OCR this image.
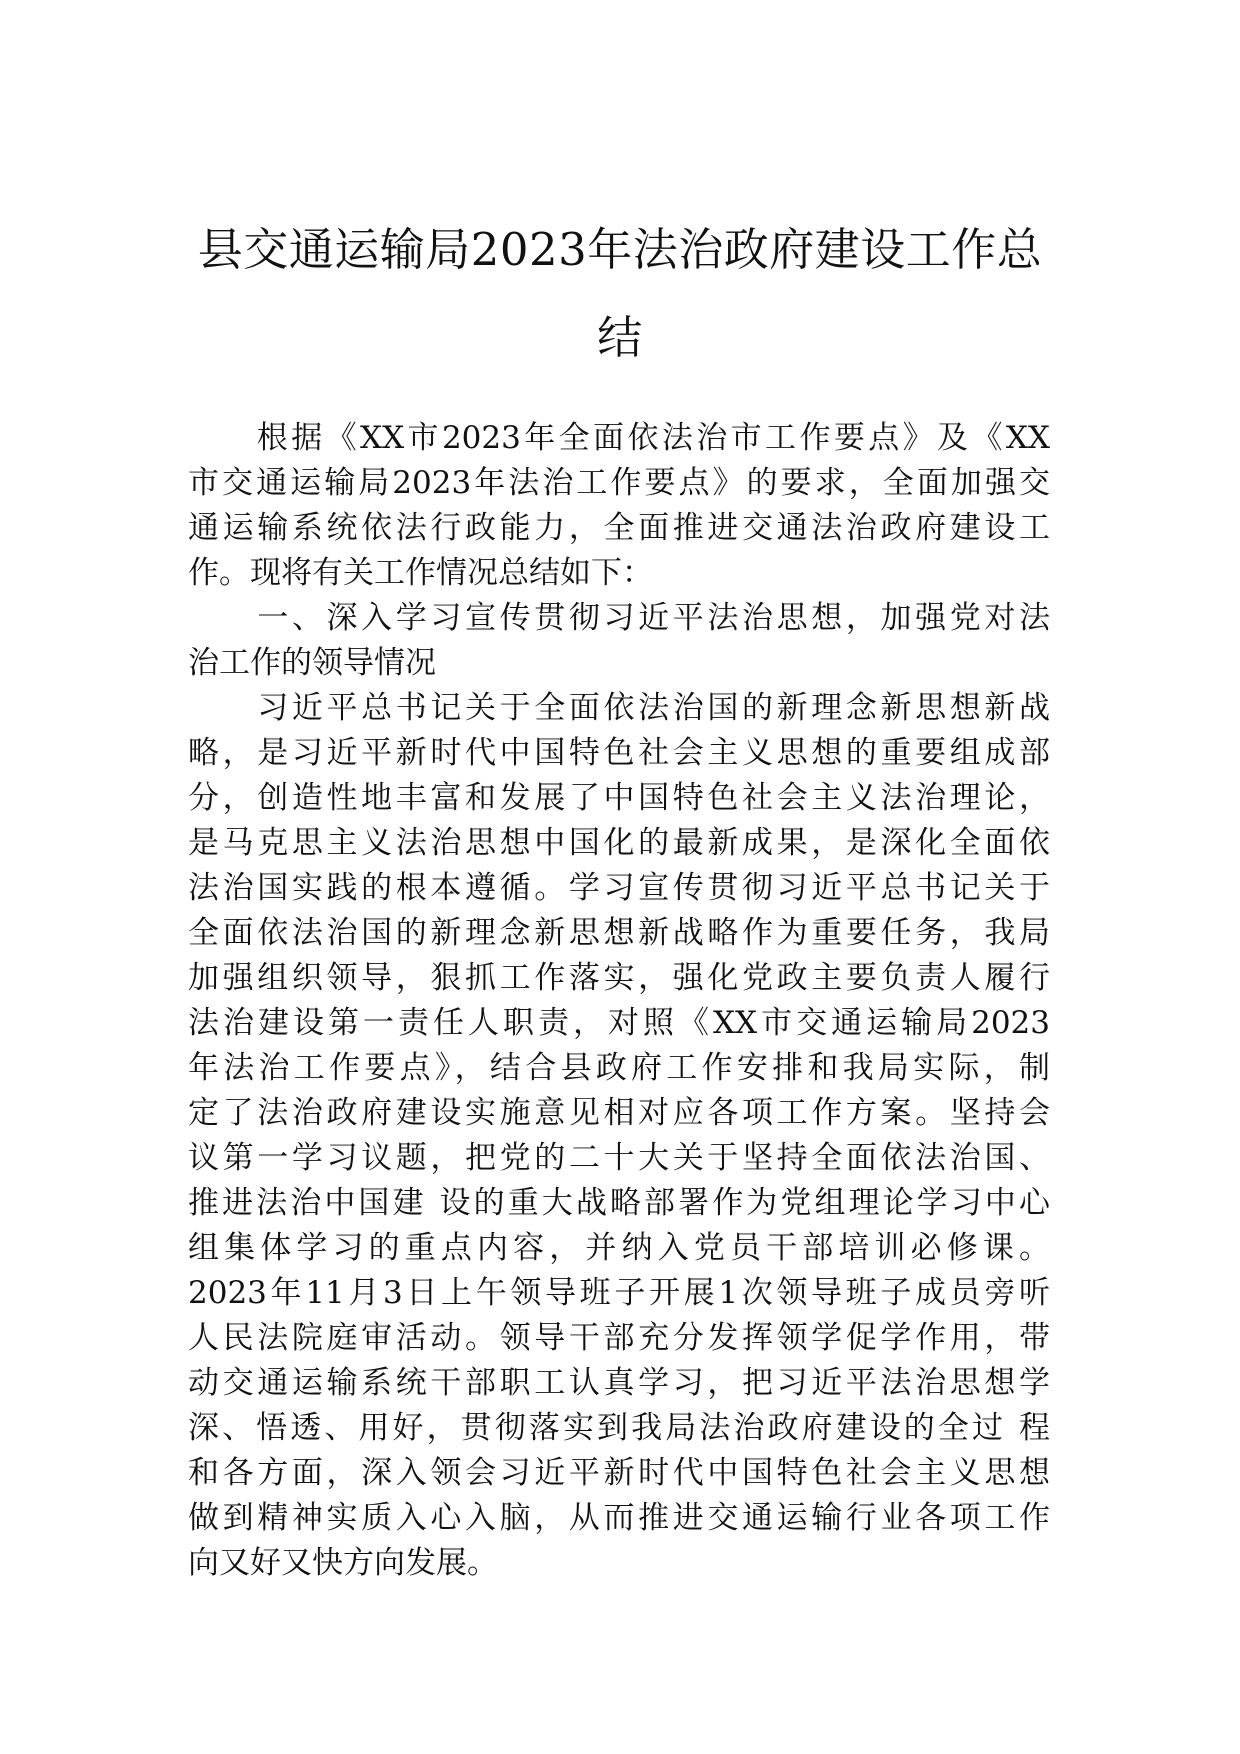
县交通运输局2023年法治政府建设工作总
结
　　根据《XX市2023年全面依法治市工作要点》及《XX
市交通运输局2023年法治工作要点》的要求，全面加强交
通运输系统依法行政能力，全面推进交通法治政府建设工
作。现将有关工作情况总结如下：
　　一、深入学习宣传贯彻习近平法治思想，加强党对法
治工作的领导情况
　　习近平总书记关于全面依法治国的新理念新思想新战
略，是习近平新时代中国特色社会主义思想的重要组成部
分，创造性地丰富和发展了中国特色社会主义法治理论，
是马克思主义法治思想中国化的最新成果，是深化全面依
法治国实践的根本遵循。学习宣传贯彻习近平总书记关于
全面依法治国的新理念新思想新战略作为重要任务，我局
加强组织领导，狠抓工作落实，强化党政主要负责人履行
法治建设第一责任人职责，对照《XX市交通运输局2023
年法治工作要点》，结合县政府工作安排和我局实际，制
定了法治政府建设实施意见相对应各项工作方案。坚持会
议第一学习议题，把党的二十大关于坚持全面依法治国、
推进法治中国建 设的重大战略部署作为党组理论学习中心
组集体学习的重点内容，并纳入党员干部培训必修课。
2023年11月3日上午领导班子开展1次领导班子成员旁听
人民法院庭审活动。领导干部充分发挥领学促学作用，带
动交通运输系统干部职工认真学习，把习近平法治思想学
深、悟透、用好，贯彻落实到我局法治政府建设的全过 程
和各方面，深入领会习近平新时代中国特色社会主义思想
做到精神实质入心入脑，从而推进交通运输行业各项工作
向又好又快方向发展。
